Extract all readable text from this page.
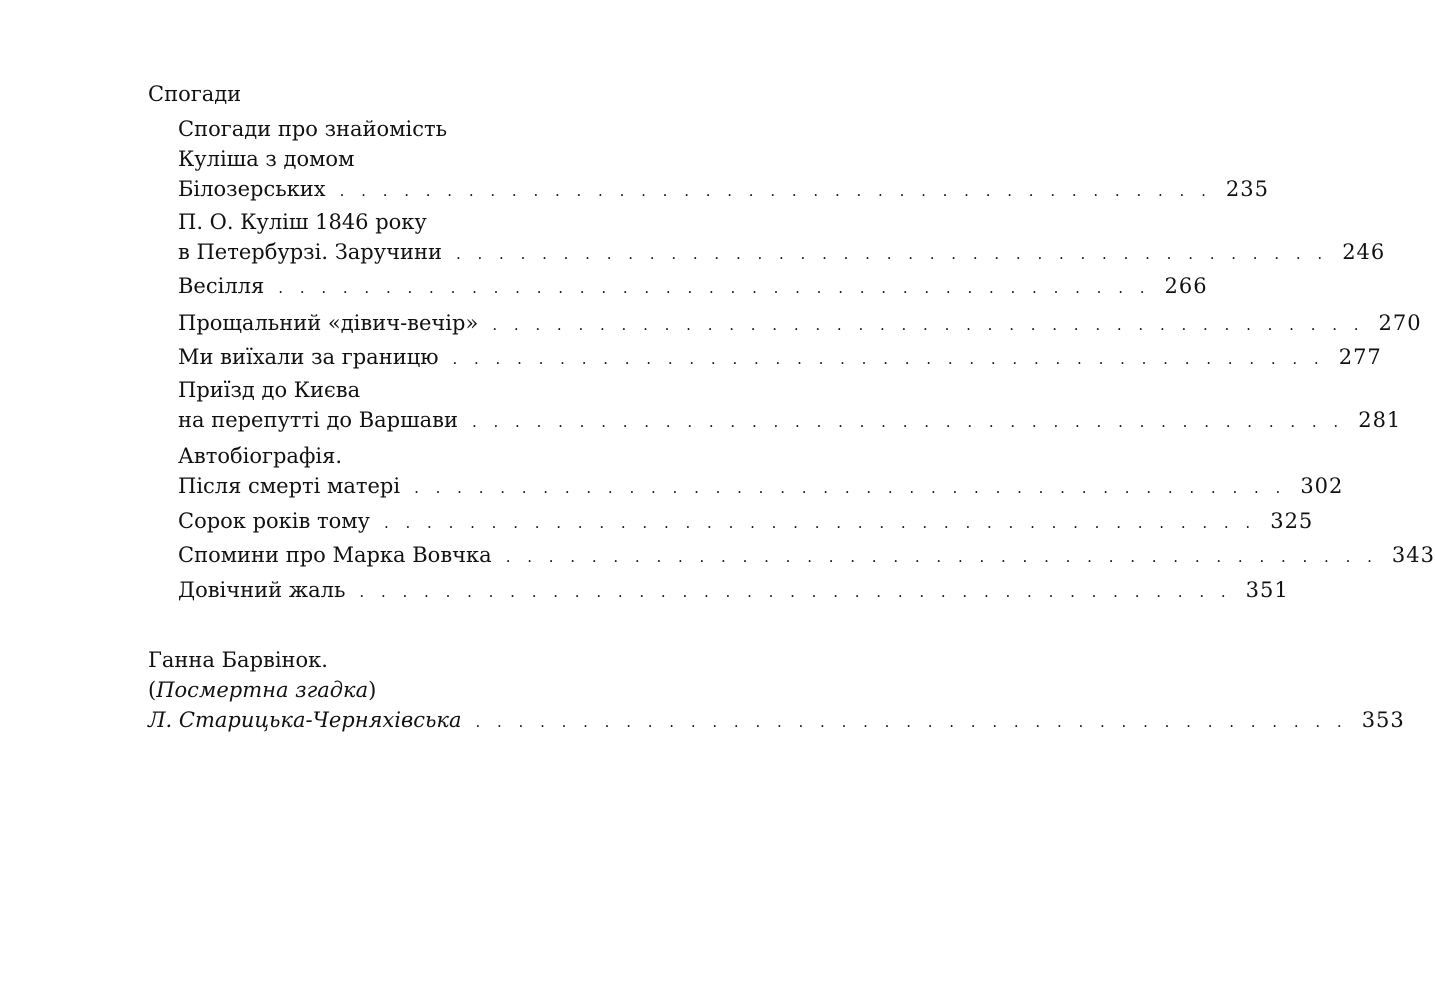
Спогади
Спогади про знайомість
Куліша з домом
Білозерських . . . . . . . . . . . . . . . . . . . . . . . . . . . . . . . . . . . . . . . . . 235
П. О. Куліш 1846 року
в Петербурзі. Заручини . . . . . . . . . . . . . . . . . . . . . . . . . . . . . . . . . . . . . . . . . 246
Весілля . . . . . . . . . . . . . . . . . . . . . . . . . . . . . . . . . . . . . . . . . 266
Прощальний «дівич-вечір» . . . . . . . . . . . . . . . . . . . . . . . . . . . . . . . . . . . . . . . . . 270
Ми виїхали за границю . . . . . . . . . . . . . . . . . . . . . . . . . . . . . . . . . . . . . . . . . 277
Приїзд до Києва
на перепутті до Варшави . . . . . . . . . . . . . . . . . . . . . . . . . . . . . . . . . . . . . . . . . 281
Автобіографія.
Після смерті матері . . . . . . . . . . . . . . . . . . . . . . . . . . . . . . . . . . . . . . . . . 302
Сорок років тому . . . . . . . . . . . . . . . . . . . . . . . . . . . . . . . . . . . . . . . . . 325
Спомини про Марка Вовчка . . . . . . . . . . . . . . . . . . . . . . . . . . . . . . . . . . . . . . . . . 343
Довічний жаль . . . . . . . . . . . . . . . . . . . . . . . . . . . . . . . . . . . . . . . . . 351
Ганна Барвінок.
(Посмертна згадка)
Л. Старицька-Черняхівська . . . . . . . . . . . . . . . . . . . . . . . . . . . . . . . . . . . . . . . . . 353
